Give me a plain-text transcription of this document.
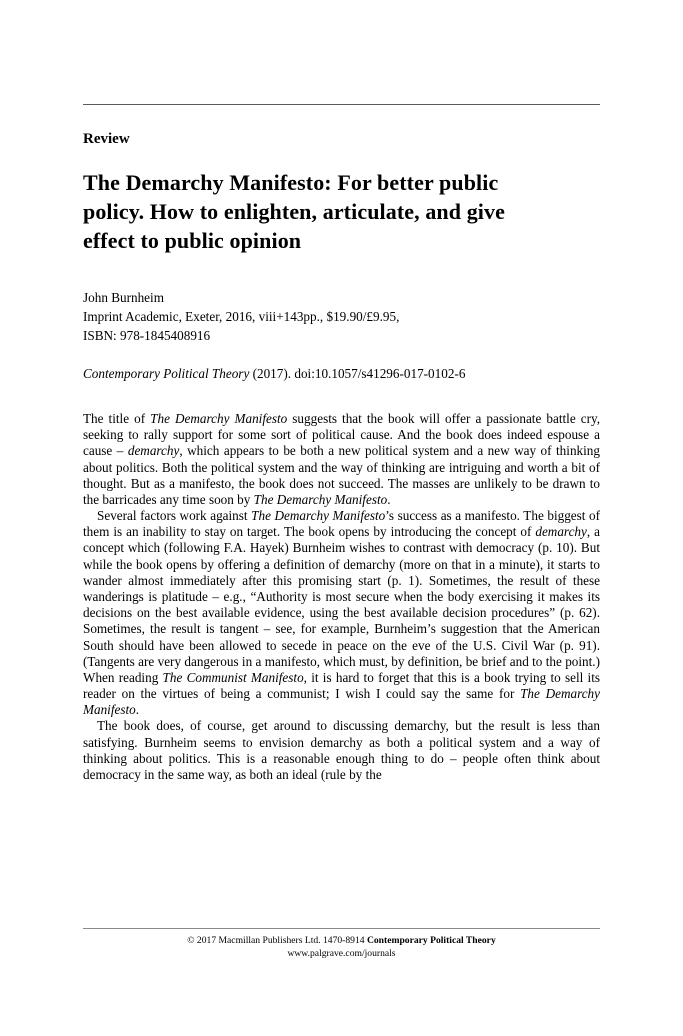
Review
The Demarchy Manifesto: For better public
policy. How to enlighten, articulate, and give
effect to public opinion
John Burnheim
Imprint Academic, Exeter, 2016, viii+143pp., $19.90/£9.95,
ISBN: 978-1845408916
Contemporary Political Theory (2017). doi:10.1057/s41296-017-0102-6

The title of The Demarchy Manifesto suggests that the book will offer a passionate battle cry, seeking to rally support for some sort of political cause. And the book does indeed espouse a cause – demarchy, which appears to be both a new political system and a new way of thinking about politics. Both the political system and the way of thinking are intriguing and worth a bit of thought. But as a manifesto, the book does not succeed. The masses are unlikely to be drawn to the barricades any time soon by The Demarchy Manifesto.

Several factors work against The Demarchy Manifesto’s success as a manifesto. The biggest of them is an inability to stay on target. The book opens by introducing the concept of demarchy, a concept which (following F.A. Hayek) Burnheim wishes to contrast with democracy (p. 10). But while the book opens by offering a definition of demarchy (more on that in a minute), it starts to wander almost immediately after this promising start (p. 1). Sometimes, the result of these wanderings is platitude – e.g., “Authority is most secure when the body exercising it makes its decisions on the best available evidence, using the best available decision procedures” (p. 62). Sometimes, the result is tangent – see, for example, Burnheim’s suggestion that the American South should have been allowed to secede in peace on the eve of the U.S. Civil War (p. 91). (Tangents are very dangerous in a manifesto, which must, by definition, be brief and to the point.) When reading The Communist Manifesto, it is hard to forget that this is a book trying to sell its reader on the virtues of being a communist; I wish I could say the same for The Demarchy Manifesto.

The book does, of course, get around to discussing demarchy, but the result is less than satisfying. Burnheim seems to envision demarchy as both a political system and a way of thinking about politics. This is a reasonable enough thing to do – people often think about democracy in the same way, as both an ideal (rule by the

© 2017 Macmillan Publishers Ltd. 1470-8914 Contemporary Political Theory
www.palgrave.com/journals
